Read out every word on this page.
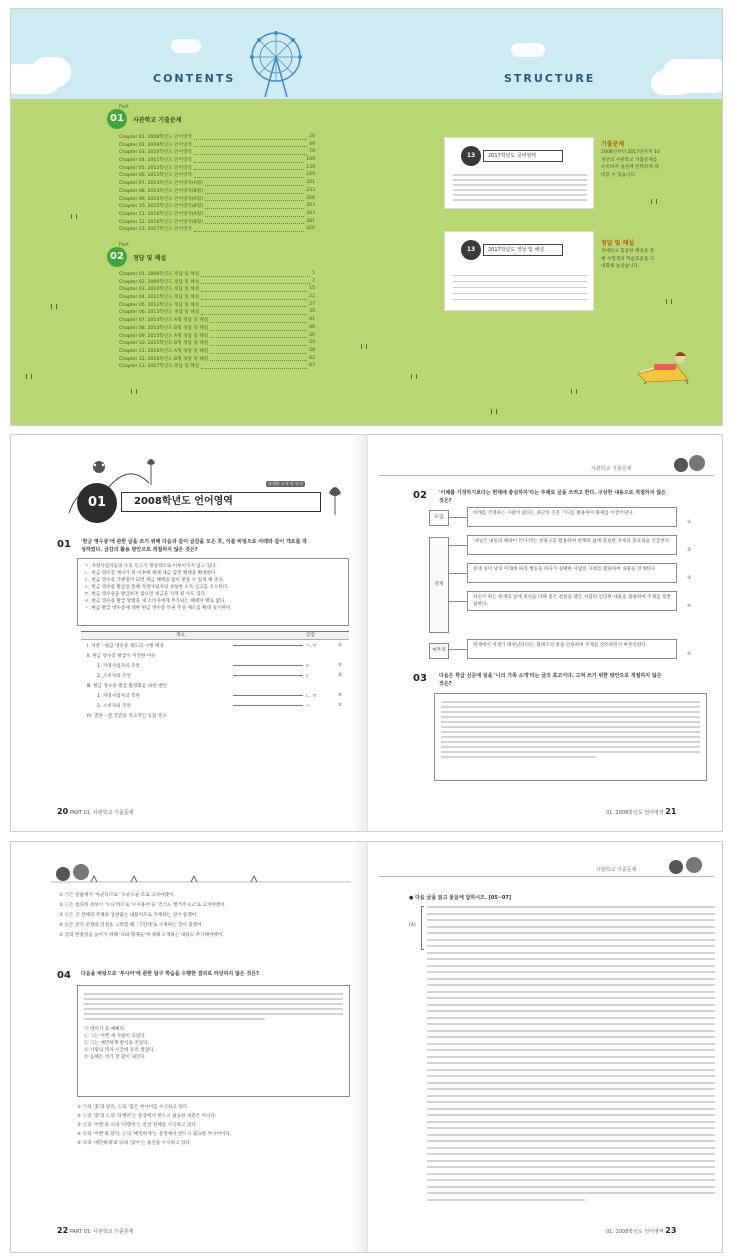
CONTENTS	STRUCTURE
Part
01	사관학교 기출문제
Chapter 01. 2008학년도 언어영역	20
Chapter 02. 2009학년도 언어영역	49
Chapter 03. 2010학년도 언어영역	79
Chapter 04. 2011학년도 언어영역	109
Chapter 05. 2012학년도 언어영역	139
Chapter 06. 2013학년도 언어영역	169
Chapter 07. 2014학년도 언어영역(A형)	201
Chapter 08. 2014학년도 언어영역(B형)	233
Chapter 09. 2015학년도 언어영역(A형)	266
Chapter 10. 2015학년도 언어영역(B형)	303
Chapter 11. 2016학년도 언어영역(A형)	343
Chapter 12. 2016학년도 언어영역(B형)	381
Chapter 13. 2017학년도 언어영역	420
Part
02	정답 및 해설
Chapter 01. 2008학년도 정답 및 해설	1
Chapter 02. 2009학년도 정답 및 해설	7
Chapter 03. 2010학년도 정답 및 해설	15
Chapter 04. 2011학년도 정답 및 해설	22
Chapter 05. 2012학년도 정답 및 해설	27
Chapter 06. 2013학년도 정답 및 해설	35
Chapter 07. 2014학년도 A형 정답 및 해설	41
Chapter 08. 2014학년도 B형 정답 및 해설	46
Chapter 09. 2015학년도 A형 정답 및 해설	50
Chapter 10. 2015학년도 B형 정답 및 해설	54
Chapter 11. 2016학년도 A형 정답 및 해설	58
Chapter 12. 2016학년도 B형 정답 및 해설	62
Chapter 13. 2017학년도 정답 및 해설	67
13	2017학년도 국어영역
기출문제
2008년부터 2017년까지 10
개년의 사관학교 기출문제를
수록하여 실전에 완벽하게 대
비할 수 있습니다.
13	2017학년도 정답 및 해설
정답 및 해설
상세하고 꼼꼼한 해설을 통
해 수험생의 학습효율을 극
대화해 놓았습니다.
01	2008학년도 언어영역
자세한 소개 및 안내
01 '현금 영수증'에 관한 글을 쓰기 위해 다음과 같이 글감을 모은 후, 이를 바탕으로 아래와 같이 개요를 작
성하였다. 글감의 활용 방안으로 적절하지 않은 것은?
ㄱ. 자영사업자들의 소득 신고가 정상적으로 이루어지지 않고 있다.
ㄴ. 현금 영수증 제시가 된 이후에 세제 세금 감면 혜택을 확대한다.
ㄷ. 현금 영수증 가맹점이 되면 세금 혜택을 많이 받을 수 있게 해 준다.
ㄹ. 현금 영수증 발급을 통해 자영사업자의 성실한 소득 신고를 유도한다.
ㅁ. 현금 영수증을 발급하지 않으면 세금을 지게 될 수도 있다.
ㅂ. 현금 영수증 발급 방법을 새 소비자에게 추가되는 혜택이 별로 없다.
ㅅ. 현금 발급 영수증에 대한 현금 영수증 특권 주성 제도를 확대 실시한다.
개요	글감
Ⅰ. 서론 - 현금 영수증 제도의 시행 배경	ㄱ, ㅁ	①
Ⅱ. 현금 영수증 발급이 미진한 이유
1. 자영사업자의 측면	ㅂ	②
2. 소비자의 측면	ㄷ	③
Ⅲ. 현금 영수증 발급 활성화를 위한 방안
1. 자영사업자의 측면	ㄴ, ㅁ	④
2. 소비자의 측면	ㅅ	⑤
Ⅳ. 결론 - 전 국민의 적극적인 동참 촉구
사관학교 기출문제
02 '이해를 기정하기보다는 현재에 충실하자'라는 주제로 글을 쓰려고 한다. 구상한 내용으로 적절하지 않은
것은?
도입
전개
마무리
미래를 걱정하는 사람이 많다는 최근의 신문 기사를 활용하여 화제를 이끌어낸다.
①
'내일은 내일의 태양이 뜬다'라는 관용구를 활용하여 현재의 삶에 충실한 자세의 중요성을 언급한다.
②
중대 일이 낭의 미래에 따라 행동을 하다가 실패한 사람의 사례를 활용하여 내용을 전개한다.
③
자신이 하는 현재의 일에 최선을 다해 좋은 결실을 맺은 사람의 인터뷰 내용을 활용하여 주제를 뒷받침한다.	④
현재에서 미래가 태어난다'라는 볼테르의 말을 인용하여 주제를 강조하면서 마무리한다.
⑤
03 다음은 학급 신문에 실을 '나의 가족 소개'라는 글의 초고이다. 고쳐 쓰기 위한 방안으로 적절하지 않은
것은?
20 PART 01. 사관학교 기출문제	01. 2008학년도 언어영역 21
① ㉠은 앞줄에서 '아군다므로' '오순도순'으로 고쳐야겠어.
② ㉡은 범호한 정보이 '누나'라므로 '수사용어'을 '건식도 행거주니고'로 고쳐야겠어.
③ ㉢은 글 전체의 주제와 상관없는 내용이므로 삭제하는 것이 좋겠어.
④ ㉣은 앞뒤 문장의 연결을 고려할 때, '그런데'로 수정하는 것이 좋겠어.
⑤ 글의 완결성을 높이기 위해 '나와 형제들'에 대해 소개하는 내용도 추가해야겠어.
04 다음을 바탕으로 '부사어'에 관한 탐구 학습을 수행한 결과로 타당하지 않은 것은?
㉠ 영이가 꽃 예뻐다.
㉡ 그는 어쩐 새 사람이 되었다.
㉢ 그는 예민하게 반식을 주었다.
㉣ 사랑의 먹자 시간에 동리 걸었다.
㉤ 음해는 비가 잘 많이 내린다.
① ㉠의 '꽃'과 달리, ㉡의 '않은 부사어를 수식하고 있다.
② ㉡의 '맞'과 ㉢의 '다행히'는 문장에서 반드시 필요한 성분은 아니다.
③ ㉢의 '어쩐'와 ㉣의 '다행히'는 문장 전체를 수식하고 있다.
④ ㉣의 '어쩐'와 달리, ㉢의 '예민하게'는 문장에서 반드시 필요한 부사어이다.
⑤ ㉤의 '예민하게'와 ㉥의 '많이'는 용언을 수식하고 있다.
사관학교 기출문제
● 다음 글을 읽고 물음에 답하시오. [05~07]
[A]
22 PART 01. 사관학교 기출문제	01. 2008학년도 언어영역 23
